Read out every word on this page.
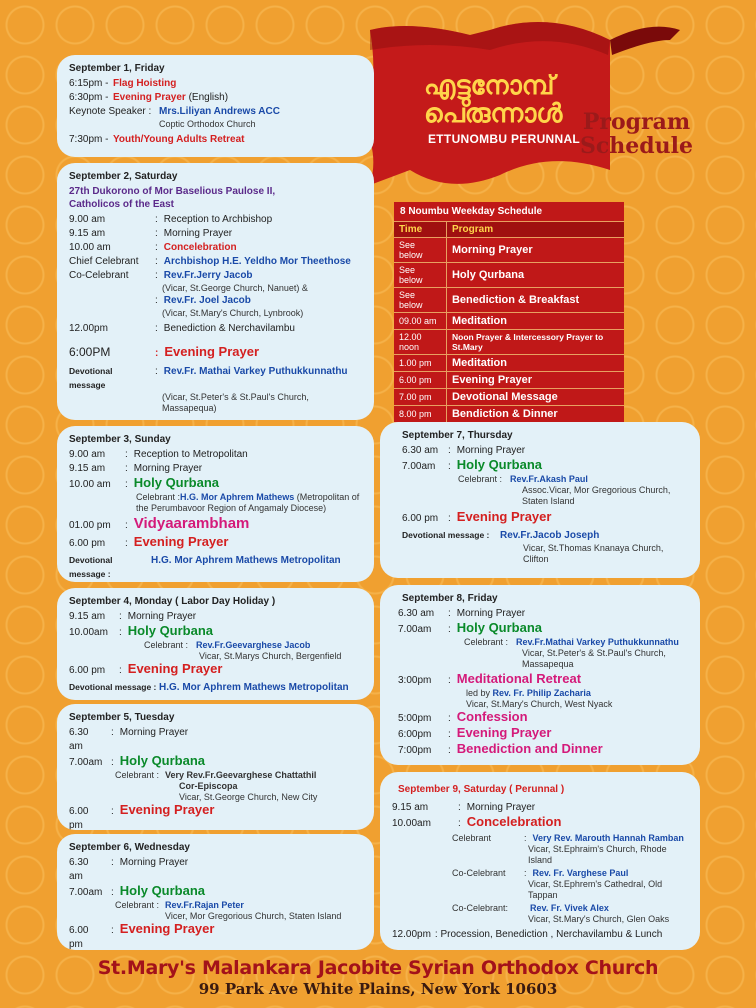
എട്ടുനോമ്പ്
പെരുന്നാൾ
ETTUNOMBU PERUNNAL
Program
Schedule
8 Noumbu Weekday Schedule
Time	Program
See below	Morning Prayer
See below	Holy Qurbana
See below	Benediction & Breakfast
09.00 am	Meditation
12.00 noon	Noon Prayer & Intercessory Prayer to St.Mary
1.00 pm	Meditation
6.00 pm	Evening Prayer
7.00 pm	Devotional Message
8.00 pm	Bendiction & Dinner
September 1, Friday
6:15pm - Flag Hoisting
6:30pm - Evening Prayer (English)
Keynote Speaker : Mrs.Liliyan Andrews ACC
Coptic Orthodox Church
7:30pm - Youth/Young Adults Retreat
September 2, Saturday
27th Dukorono of Mor Baselious Paulose II,
Catholicos of the East
9.00 am	: Reception to Archbishop
9.15 am	: Morning Prayer
10.00 am	: Concelebration
Chief Celebrant	: Archbishop H.E. Yeldho Mor Theethose
Co-Celebrant	: Rev.Fr.Jerry Jacob
(Vicar, St.George Church, Nanuet) &
: Rev.Fr. Joel Jacob
(Vicar, St.Mary's Church, Lynbrook)
12.00pm	: Benediction & Nerchavilambu
6:00PM	: Evening Prayer
Devotional message
: Rev.Fr. Mathai Varkey Puthukkunnathu
(Vicar, St.Peter's & St.Paul's Church, Massapequa)
September 3, Sunday
9.00 am	: Reception to Metropolitan
9.15 am	: Morning Prayer
10.00 am	: Holy Qurbana
Celebrant :H.G. Mor Aphrem Mathews (Metropolitan of the Perumbavoor Region of Angamaly Diocese)
01.00 pm	: Vidyaarambham
6.00 pm	: Evening Prayer
Devotional message :
H.G. Mor Aphrem Mathews Metropolitan
September 4, Monday ( Labor Day Holiday )
9.15 am	: Morning Prayer
10.00am	: Holy Qurbana
Celebrant : Rev.Fr.Geevarghese Jacob
Vicar, St.Marys Church, Bergenfield
6.00 pm	: Evening Prayer
Devotional message : H.G. Mor Aphrem Mathews Metropolitan
September 5, Tuesday
6.30 am
: Morning Prayer
7.00am : Holy Qurbana
Celebrant : Very Rev.Fr.Geevarghese Chattathil
Cor-Episcopa
Vicar, St.George Church, New City
6.00 pm
: Evening Prayer
September 6, Wednesday
6.30 am
: Morning Prayer
7.00am : Holy Qurbana
Celebrant : Rev.Fr.Rajan Peter
Vicer, Mor Gregorious Church, Staten Island
6.00 pm
: Evening Prayer
September 7, Thursday
6.30 am : Morning Prayer
7.00am	: Holy Qurbana
Celebrant : Rev.Fr.Akash Paul
Assoc.Vicar, Mor Gregorious Church,
Staten Island
6.00 pm : Evening Prayer
Devotional message :	Rev.Fr.Jacob Joseph
Vicar, St.Thomas Knanaya Church, Clifton
September 8, Friday
6.30 am	: Morning Prayer
7.00am	: Holy Qurbana
Celebrant : Rev.Fr.Mathai Varkey Puthukkunnathu
Vicar, St.Peter's & St.Paul's Church, Massapequa
3:00pm	: Meditational Retreat
led by Rev. Fr. Philip Zacharia
Vicar, St.Mary's Church, West Nyack
5:00pm	: Confession
6:00pm	: Evening Prayer
7:00pm	: Benediction and Dinner
September 9, Saturday ( Perunnal )
9.15 am	: Morning Prayer
10.00am	: Concelebration
Celebrant	: Very Rev. Marouth Hannah Ramban
Vicar, St.Ephraim's Church, Rhode Island
Co-Celebrant	: Rev. Fr. Varghese Paul
Vicar, St.Ephrem's Cathedral, Old Tappan
Co-Celebrant:	Rev. Fr. Vivek Alex
Vicar, St.Mary's Church, Glen Oaks
12.00pm : Procession, Benediction , Nerchavilambu & Lunch
St.Mary's Malankara Jacobite Syrian Orthodox Church
99 Park Ave White Plains, New York 10603
